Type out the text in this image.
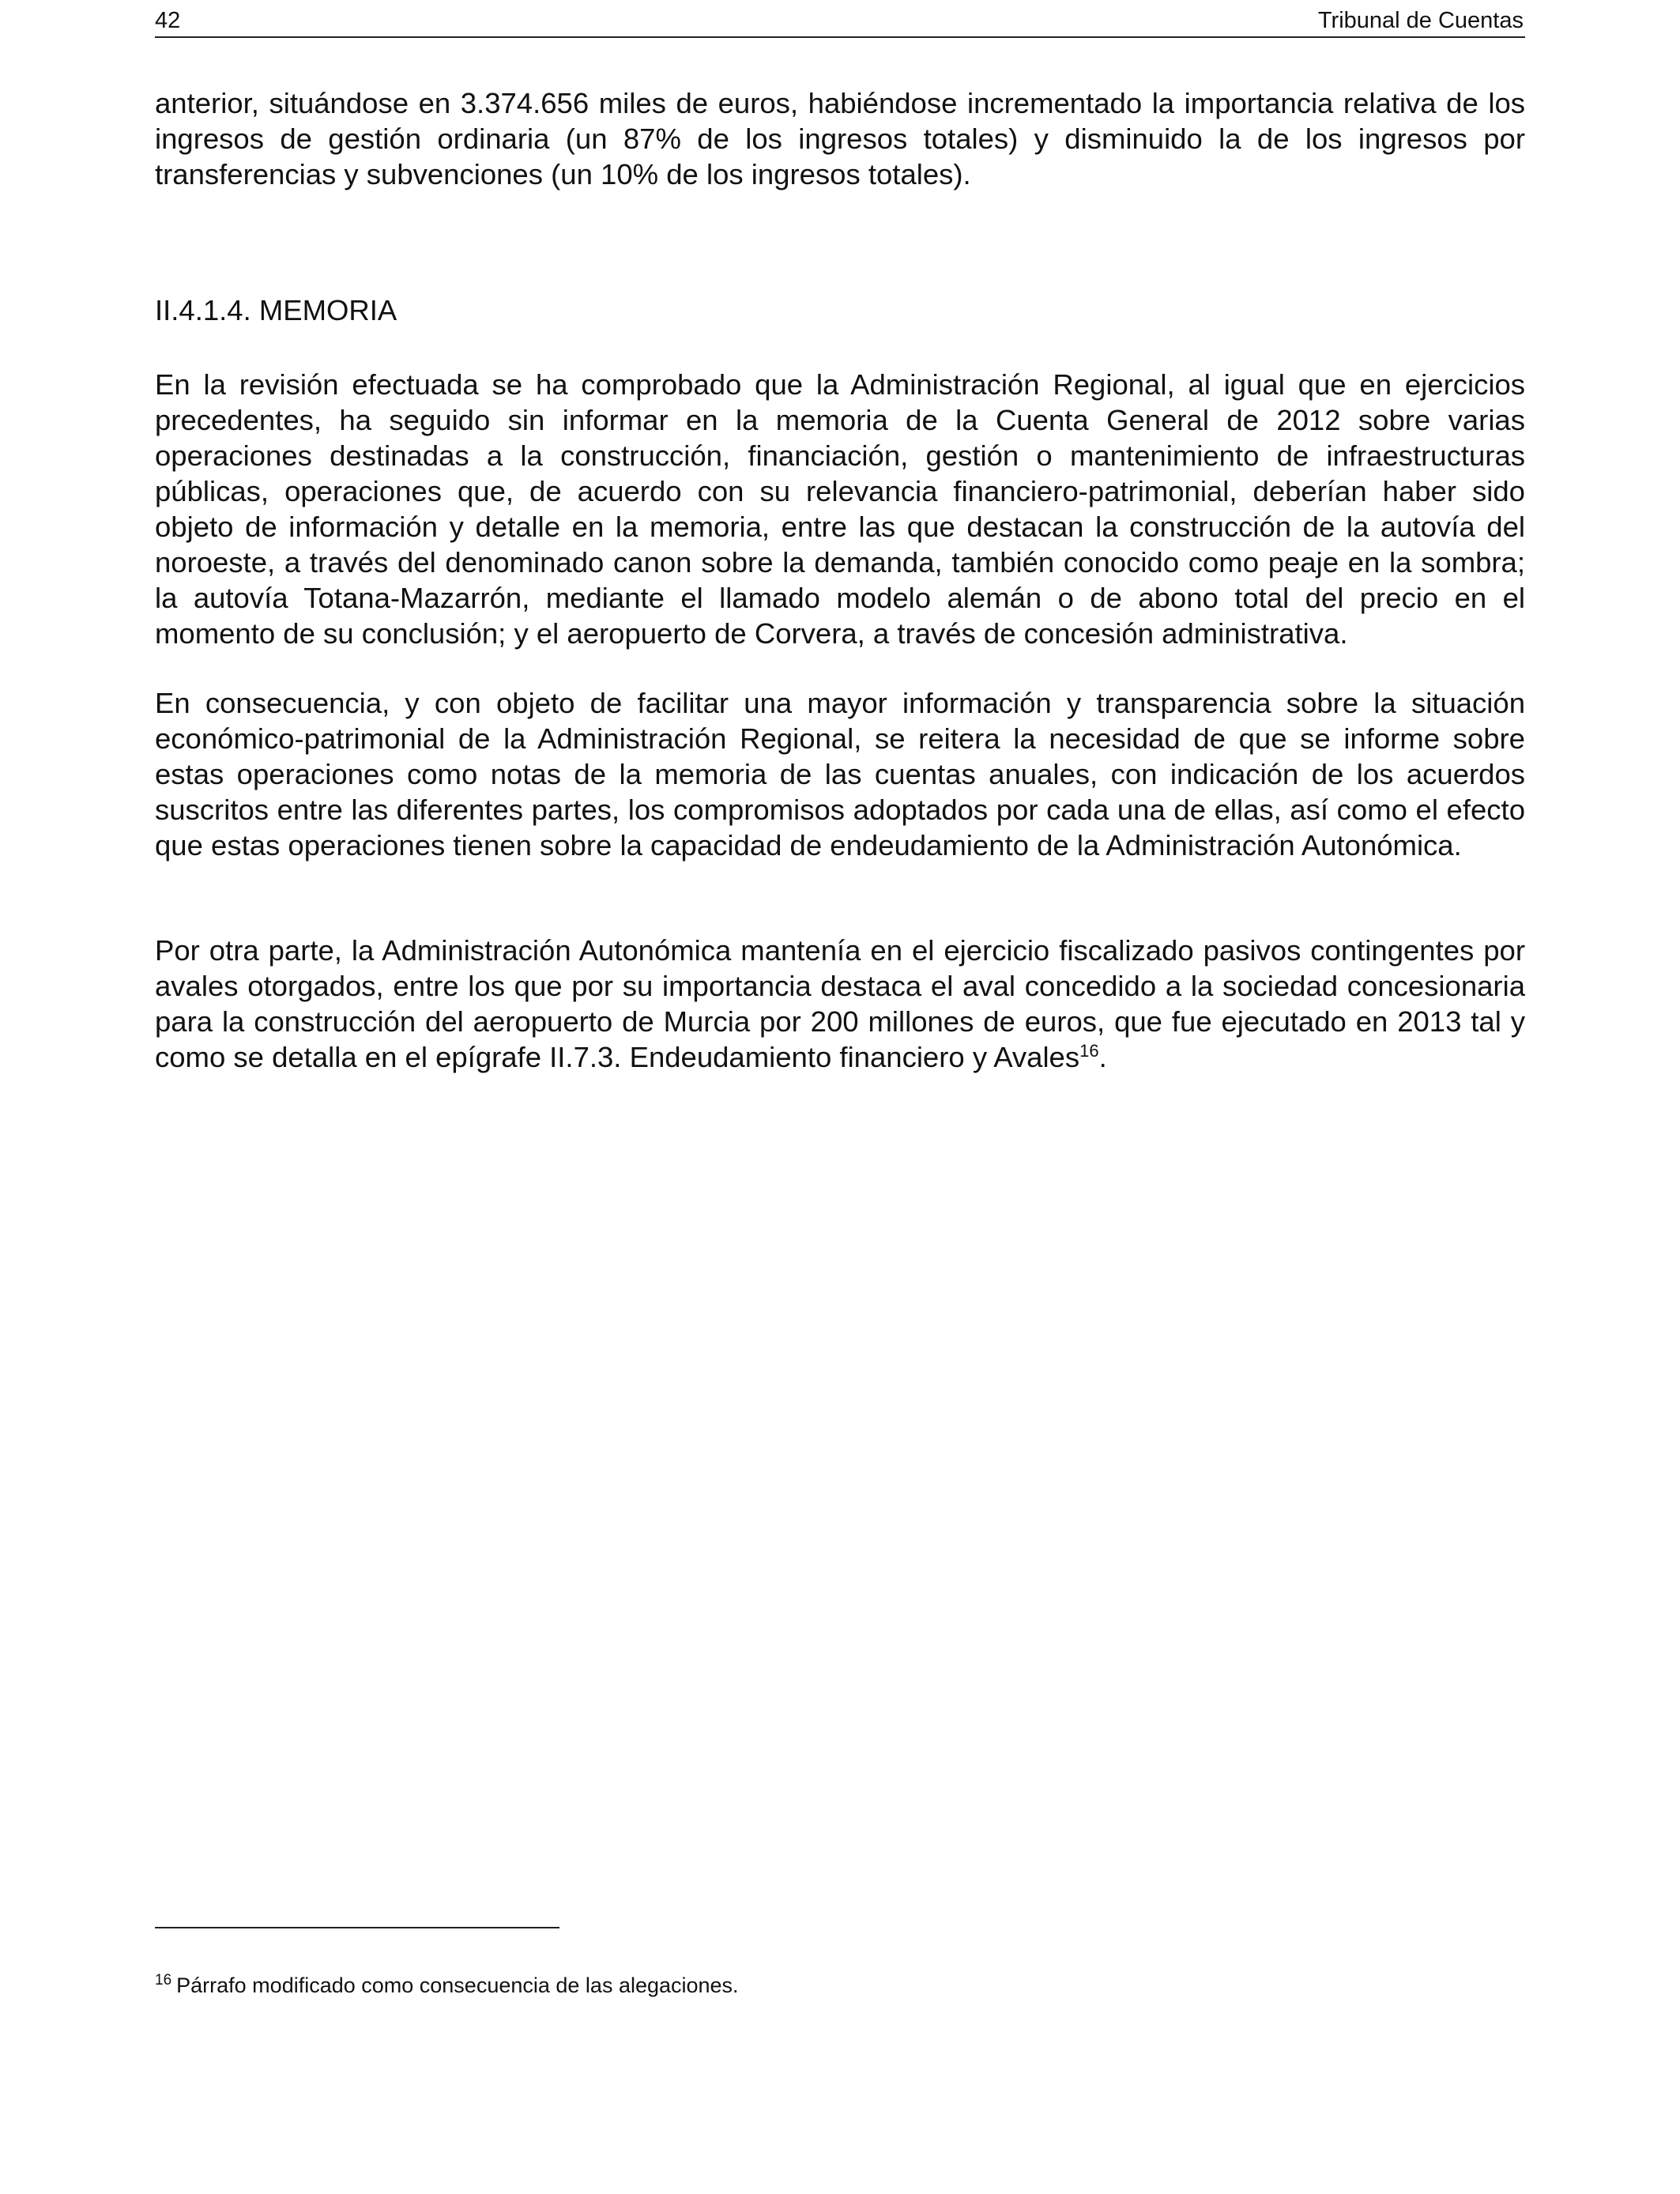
42	Tribunal de Cuentas

anterior, situándose en 3.374.656 miles de euros, habiéndose incrementado la importancia relativa de los ingresos de gestión ordinaria (un 87% de los ingresos totales) y disminuido la de los ingresos por transferencias y subvenciones (un 10% de los ingresos totales).

II.4.1.4. MEMORIA

En la revisión efectuada se ha comprobado que la Administración Regional, al igual que en ejercicios precedentes, ha seguido sin informar en la memoria de la Cuenta General de 2012 sobre varias operaciones destinadas a la construcción, financiación, gestión o mantenimiento de infraestructuras públicas, operaciones que, de acuerdo con su relevancia financiero-patrimonial, deberían haber sido objeto de información y detalle en la memoria, entre las que destacan la construcción de la autovía del noroeste, a través del denominado canon sobre la demanda, también conocido como peaje en la sombra; la autovía Totana-Mazarrón, mediante el llamado modelo alemán o de abono total del precio en el momento de su conclusión; y el aeropuerto de Corvera, a través de concesión administrativa.

En consecuencia, y con objeto de facilitar una mayor información y transparencia sobre la situación económico-patrimonial de la Administración Regional, se reitera la necesidad de que se informe sobre estas operaciones como notas de la memoria de las cuentas anuales, con indicación de los acuerdos suscritos entre las diferentes partes, los compromisos adoptados por cada una de ellas, así como el efecto que estas operaciones tienen sobre la capacidad de endeudamiento de la Administración Autonómica.

Por otra parte, la Administración Autonómica mantenía en el ejercicio fiscalizado pasivos contingentes por avales otorgados, entre los que por su importancia destaca el aval concedido a la sociedad concesionaria para la construcción del aeropuerto de Murcia por 200 millones de euros, que fue ejecutado en 2013 tal y como se detalla en el epígrafe II.7.3. Endeudamiento financiero y Avales$^{16}$.

$^{16}$ Párrafo modificado como consecuencia de las alegaciones.
